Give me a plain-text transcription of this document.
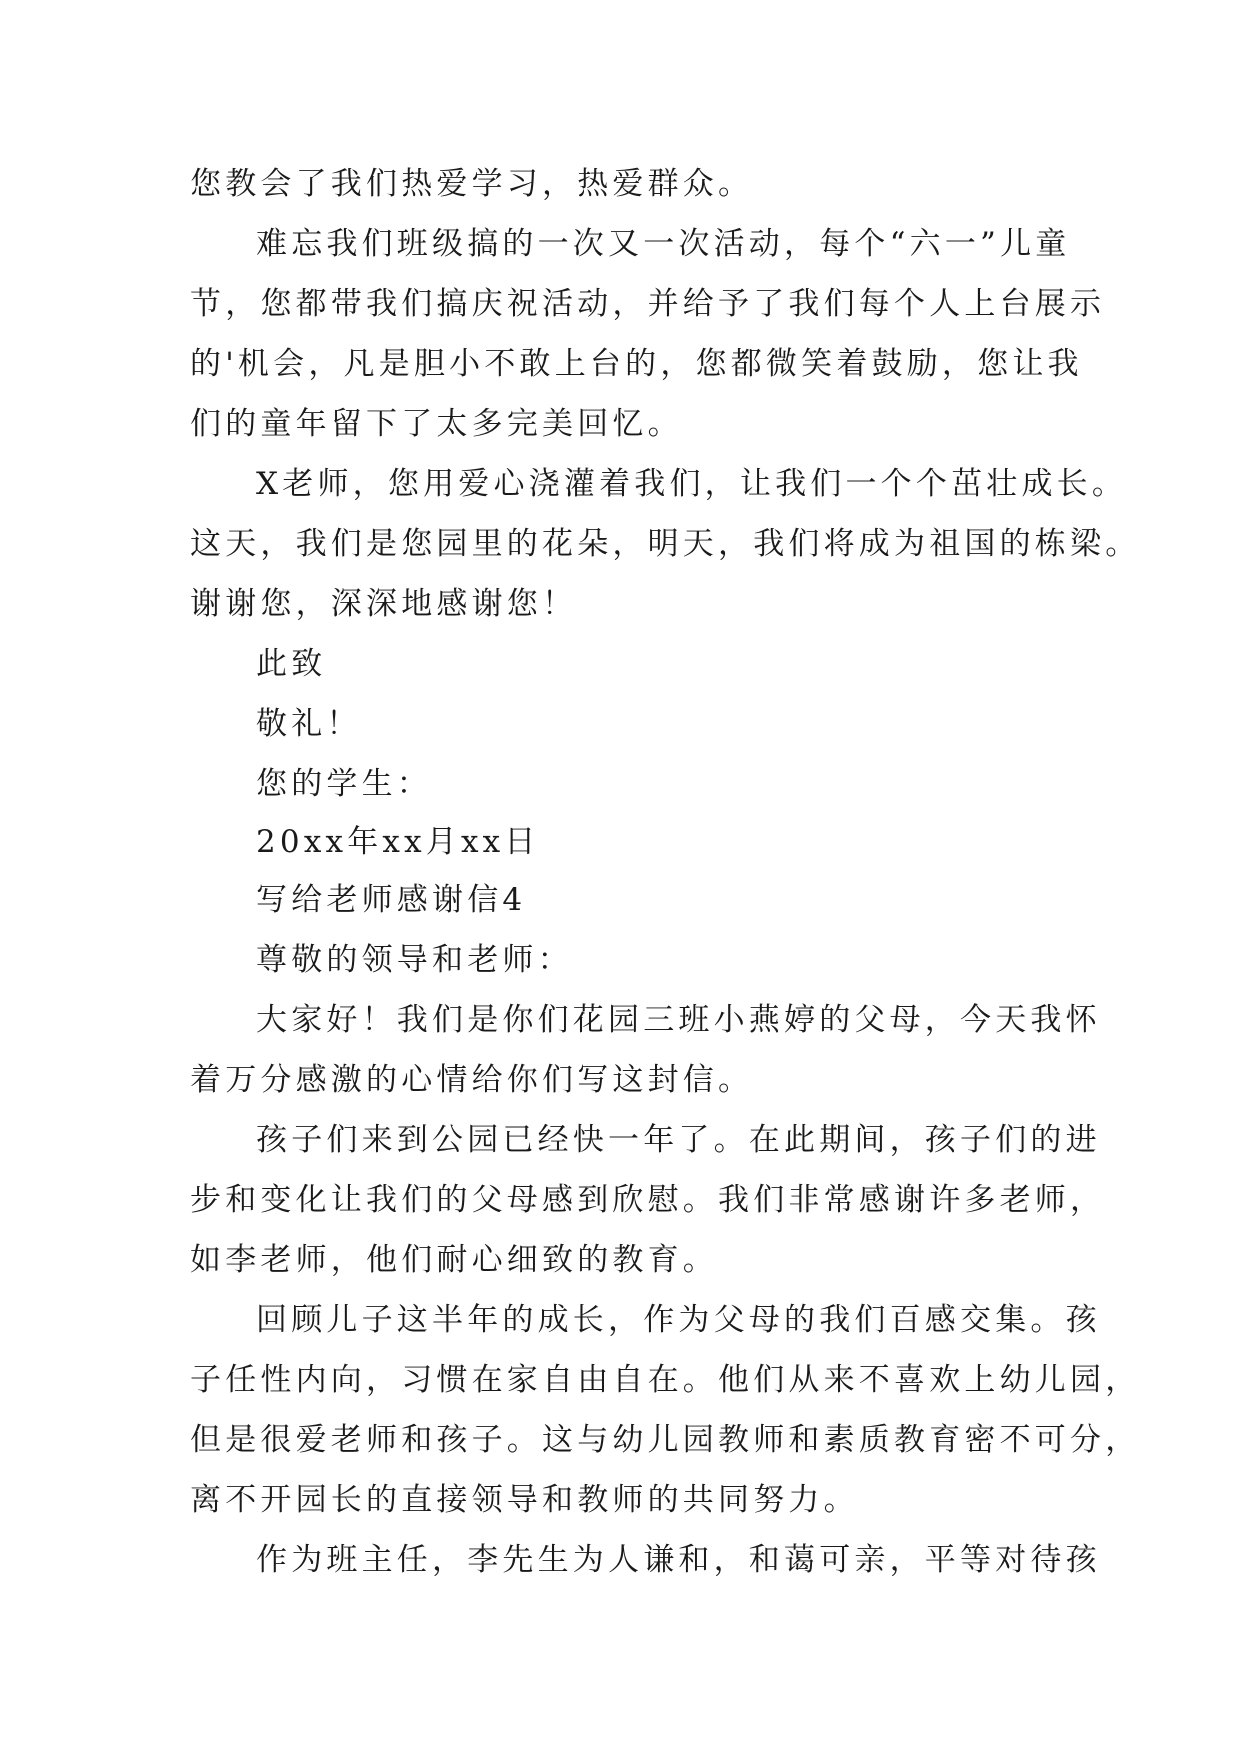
您教会了我们热爱学习，热爱群众。
难忘我们班级搞的一次又一次活动，每个“六一”儿童
节，您都带我们搞庆祝活动，并给予了我们每个人上台展示
的'机会，凡是胆小不敢上台的，您都微笑着鼓励，您让我
们的童年留下了太多完美回忆。
X老师，您用爱心浇灌着我们，让我们一个个茁壮成长。
这天，我们是您园里的花朵，明天，我们将成为祖国的栋梁。
谢谢您，深深地感谢您！
此致
敬礼！
您的学生：
20xx年xx月xx日
写给老师感谢信4
尊敬的领导和老师：
大家好！我们是你们花园三班小燕婷的父母，今天我怀
着万分感激的心情给你们写这封信。
孩子们来到公园已经快一年了。在此期间，孩子们的进
步和变化让我们的父母感到欣慰。我们非常感谢许多老师，
如李老师，他们耐心细致的教育。
回顾儿子这半年的成长，作为父母的我们百感交集。孩
子任性内向，习惯在家自由自在。他们从来不喜欢上幼儿园，
但是很爱老师和孩子。这与幼儿园教师和素质教育密不可分，
离不开园长的直接领导和教师的共同努力。
作为班主任，李先生为人谦和，和蔼可亲，平等对待孩
